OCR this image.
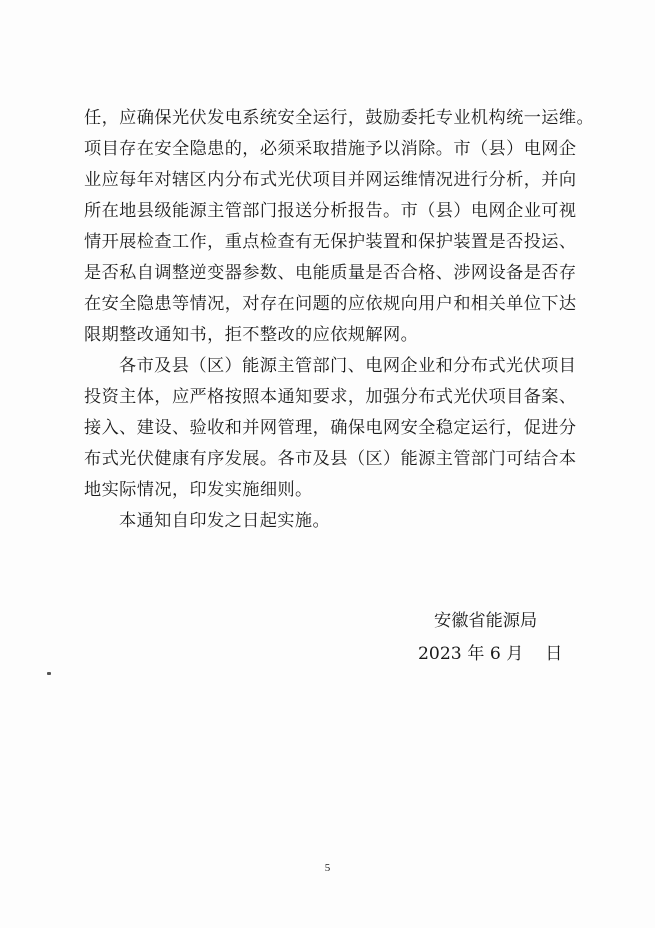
任，应确保光伏发电系统安全运行，鼓励委托专业机构统一运维。
项目存在安全隐患的，必须采取措施予以消除。市（县）电网企
业应每年对辖区内分布式光伏项目并网运维情况进行分析，并向
所在地县级能源主管部门报送分析报告。市（县）电网企业可视
情开展检查工作，重点检查有无保护装置和保护装置是否投运、
是否私自调整逆变器参数、电能质量是否合格、涉网设备是否存
在安全隐患等情况，对存在问题的应依规向用户和相关单位下达
限期整改通知书，拒不整改的应依规解网。
各市及县（区）能源主管部门、电网企业和分布式光伏项目
投资主体，应严格按照本通知要求，加强分布式光伏项目备案、
接入、建设、验收和并网管理，确保电网安全稳定运行，促进分
布式光伏健康有序发展。各市及县（区）能源主管部门可结合本
地实际情况，印发实施细则。
本通知自印发之日起实施。
安徽省能源局
2023 年 6 月    日
5
